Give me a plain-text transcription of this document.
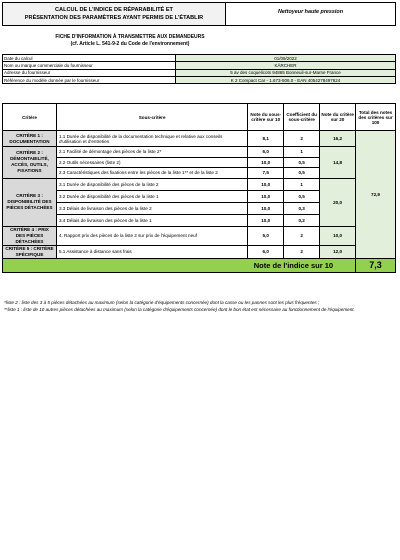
CALCUL DE L'INDICE DE RÉPARABILITÉ ET
PRÉSENTATION DES PARAMÈTRES AYANT PERMIS DE L'ÉTABLIR
Nettoyeur haute pression
FICHE D'INFORMATION À TRANSMETTRE AUX DEMANDEURS
(cf. Article L. 541-9-2 du Code de l'environnement)
Date du calcul	01/09/2022
Nom ou marque commerciale du fournisseur	KÄRCHER
Adresse du fournisseur	5 av des coquelicots 94865 Bonneuil-sur-Marne France
Référence du modèle donnée par le fournisseur	K 2 Compact Car - 1.673-506.0 - EAN 4054278497624
Critère	Sous-critère	Note du sous-critère sur 10	Coefficient du sous-critère	Note du critère sur 20	Total des notes des critères sur 100
CRITÈRE 1 : DOCUMENTATION	1.1 Durée de disponibilité de la documentation technique et relative aux conseils d'utilisation et d'entretien	8,1	2	16,2	72,9
CRITÈRE 2 : DÉMONTABILITÉ, ACCÈS, OUTILS, FIXATIONS	2.1 Facilité de démontage des pièces de la liste 2*	6,0	1	14,8	
	2.2 Outils nécessaires (liste 2)	10,0	0,5		
	2.3 Caractéristiques des fixations entre les pièces de la liste 1** et de la liste 2	7,5	0,5		
CRITÈRE 3 : DISPONIBILITÉ DES PIÈCES DÉTACHÉES	3.1 Durée de disponibilité des pièces de la liste 2	10,0	1	20,0	
	3.2 Durée de disponibilité des pièces de la liste 1	10,0	0,5		
	3.3 Délais de livraison des pièces de la liste 2	10,0	0,3		
	3.4 Délais de livraison des pièces de la liste 1	10,0	0,2		
CRITÈRE 4 : PRIX DES PIÈCES DÉTACHÉES	4. Rapport prix des pièces de la liste 2 sur prix de l'équipement neuf	5,0	2	10,0	
CRITÈRE 5 : CRITÈRE SPÉCIFIQUE	5.1 Assistance à distance sans frais	6,0	2	12,0	
Note de l'indice sur 10					7,3
*liste 2 : liste des 3 à 5 pièces détachées au maximum (selon la catégorie d'équipements concernée) dont la casse ou les pannes sont les plus fréquentes ;
**liste 1 : liste de 10 autres pièces détachées au maximum (selon la catégorie d'équipements concernée) dont le bon état est nécessaire au fonctionnement de l'équipement.
